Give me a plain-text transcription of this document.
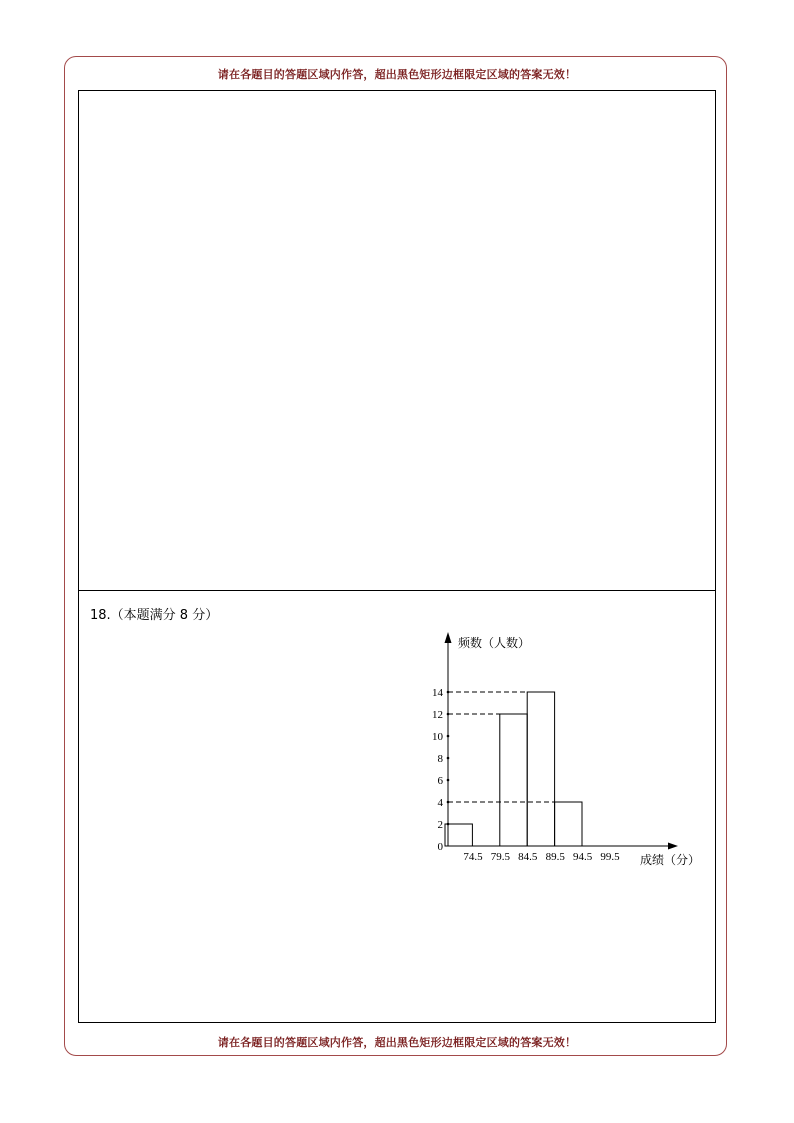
请在各题目的答题区域内作答，超出黑色矩形边框限定区域的答案无效！
18.（本题满分 8 分）
请在各题目的答题区域内作答，超出黑色矩形边框限定区域的答案无效！
0
2
4
6
8
10
12
14
74.5 79.5 84.5 89.5 94.5 99.5
频数（人数）
成绩（分）
